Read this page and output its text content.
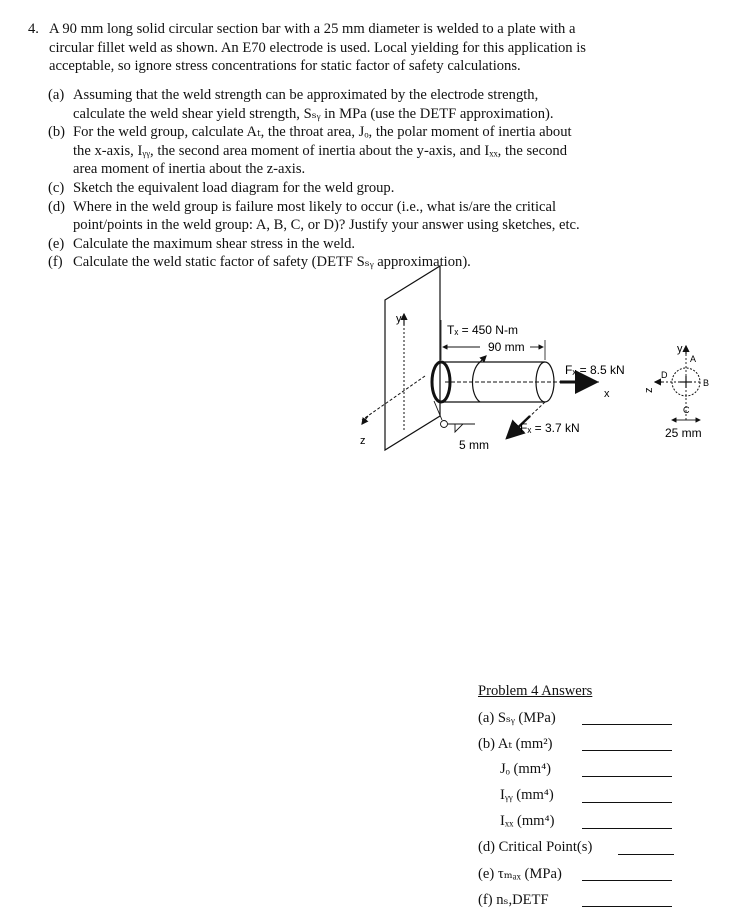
4. A 90 mm long solid circular section bar with a 25 mm diameter is welded to a plate with a
circular fillet weld as shown. An E70 electrode is used. Local yielding for this application is
acceptable, so ignore stress concentrations for static factor of safety calculations.
(a) Assuming that the weld strength can be approximated by the electrode strength,
calculate the weld shear yield strength, Sₛᵧ in MPa (use the DETF approximation).
(b) For the weld group, calculate Aₜ, the throat area, Jₒ, the polar moment of inertia about
the x-axis, Iᵧᵧ, the second area moment of inertia about the y-axis, and Iₓₓ, the second
area moment of inertia about the z-axis.
(c) Sketch the equivalent load diagram for the weld group.
(d) Where in the weld group is failure most likely to occur (i.e., what is/are the critical
point/points in the weld group: A, B, C, or D)? Justify your answer using sketches, etc.
(e) Calculate the maximum shear stress in the weld.
(f) Calculate the weld static factor of safety (DETF Sₛᵧ approximation).
y
z
Tₓ = 450 N-m
90 mm
Fₓ = 8.5 kN
x
Fₓ = 3.7 kN
5 mm
y
z
A
B
C
D
25 mm
Problem 4 Answers
(a) Sₛᵧ (MPa)
(b) Aₜ (mm²)
Jₒ (mm⁴)
Iᵧᵧ (mm⁴)
Iₓₓ (mm⁴)
(d) Critical Point(s)
(e) τₘₐₓ (MPa)
(f) nₛ,DETF
